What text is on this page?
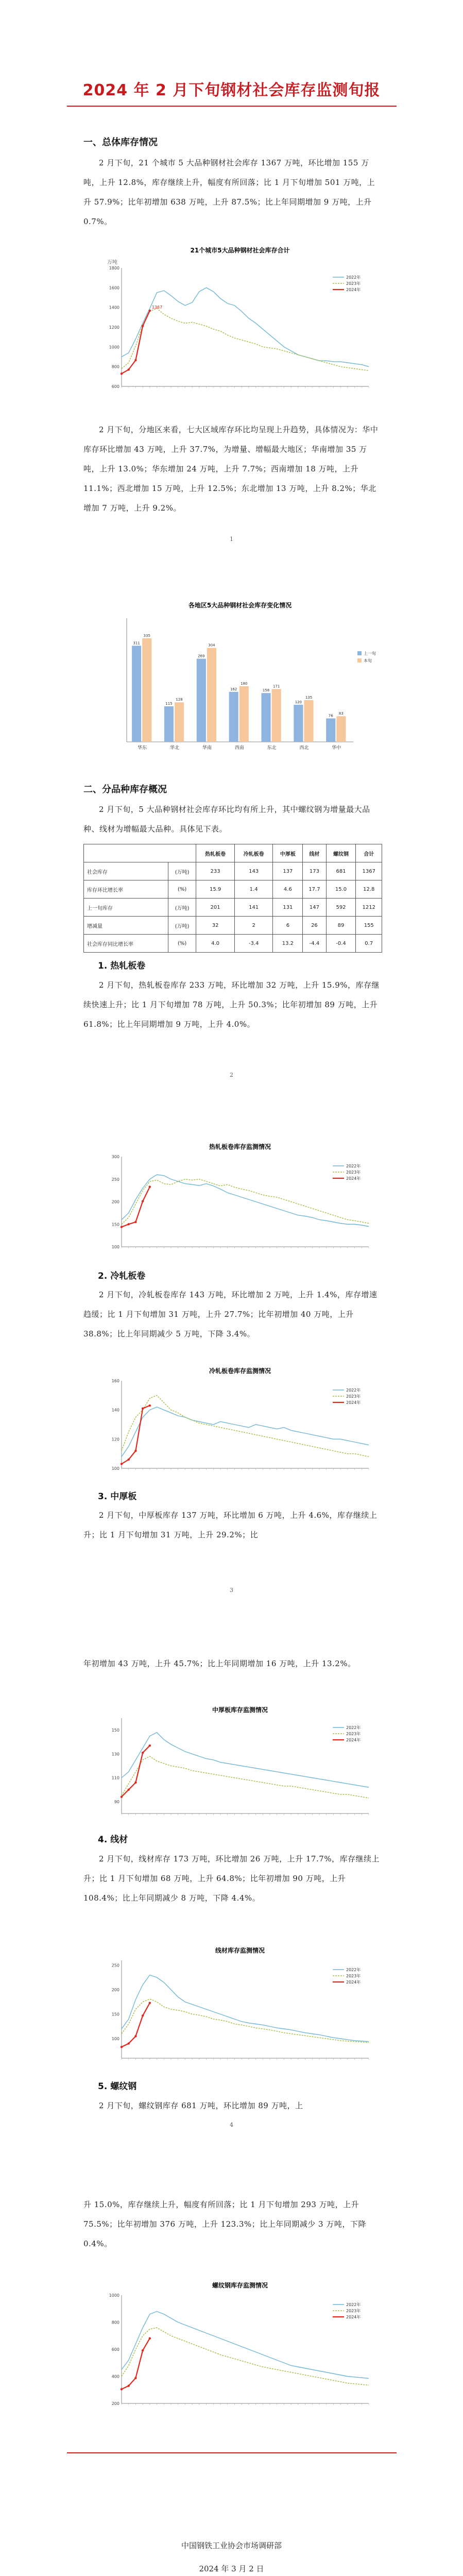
2024 年 2 月下旬钢材社会库存监测旬报
一、总体库存情况
2 月下旬，21 个城市 5 大品种钢材社会库存 1367 万吨，环比增加 155 万吨，上升 12.8%，库存继续上升，幅度有所回落；比 1 月下旬增加 501 万吨，上升 57.9%；比年初增加 638 万吨，上升 87.5%；比上年同期增加 9 万吨，上升 0.7%。
21个城市5大品种钢材社会库存合计
万吨
1800
1600
1400
1200
1000
800
600
2022年
2023年
2024年
1367
2 月下旬，分地区来看，七大区域库存环比均呈现上升趋势，具体情况为：华中库存环比增加 43 万吨，上升 37.7%，为增量、增幅最大地区；华南增加 35 万吨，上升 13.0%；华东增加 24 万吨，上升 7.7%；西南增加 18 万吨，上升 11.1%；西北增加 15 万吨，上升 12.5%；东北增加 13 万吨，上升 8.2%；华北增加 7 万吨，上升 9.2%。
1
各地区5大品种钢材社会库存变化情况
311
335
华东
115
128
华北
269
304
华南
162
180
西南
158
171
东北
120
135
西北
76
83
华中
上一旬
本旬
二、分品种库存概况
2 月下旬，5 大品种钢材社会库存环比均有所上升，其中螺纹钢为增量最大品种、线材为增幅最大品种。具体见下表。
		热轧板卷	冷轧板卷	中厚板	线材	螺纹钢	合计
社会库存	(万吨)	233	143	137	173	681	1367
库存环比增长率	(%)	15.9	1.4	4.6	17.7	15.0	12.8
上一旬库存	(万吨)	201	141	131	147	592	1212
增减量	(万吨)	32	2	6	26	89	155
社会库存同比增长率	(%)	4.0	-3.4	13.2	-4.4	-0.4	0.7
1. 热轧板卷
2 月下旬，热轧板卷库存 233 万吨，环比增加 32 万吨，上升 15.9%，库存继续快速上升；比 1 月下旬增加 78 万吨，上升 50.3%；比年初增加 89 万吨，上升 61.8%；比上年同期增加 9 万吨，上升 4.0%。
2
热轧板卷库存监测情况
300
250
200
150
100
2022年
2023年
2024年
2. 冷轧板卷
2 月下旬，冷轧板卷库存 143 万吨，环比增加 2 万吨，上升 1.4%，库存增速趋缓；比 1 月下旬增加 31 万吨，上升 27.7%；比年初增加 40 万吨，上升 38.8%；比上年同期减少 5 万吨，下降 3.4%。
冷轧板卷库存监测情况
160
140
120
100
2022年
2023年
2024年
3. 中厚板
2 月下旬，中厚板库存 137 万吨，环比增加 6 万吨，上升 4.6%，库存继续上升；比 1 月下旬增加 31 万吨，上升 29.2%；比
3
年初增加 43 万吨，上升 45.7%；比上年同期增加 16 万吨，上升 13.2%。
中厚板库存监测情况
150
130
110
90
2022年
2023年
2024年
4. 线材
2 月下旬，线材库存 173 万吨，环比增加 26 万吨，上升 17.7%，库存继续上升；比 1 月下旬增加 68 万吨，上升 64.8%；比年初增加 90 万吨，上升 108.4%；比上年同期减少 8 万吨，下降 4.4%。
线材库存监测情况
250
200
150
100
2022年
2023年
2024年
5. 螺纹钢
2 月下旬，螺纹钢库存 681 万吨，环比增加 89 万吨，上
4
升 15.0%，库存继续上升，幅度有所回落；比 1 月下旬增加 293 万吨，上升 75.5%；比年初增加 376 万吨，上升 123.3%；比上年同期减少 3 万吨，下降 0.4%。
螺纹钢库存监测情况
1000
800
600
400
200
2022年
2023年
2024年
中国钢铁工业协会市场调研部
2024 年 3 月 2 日
